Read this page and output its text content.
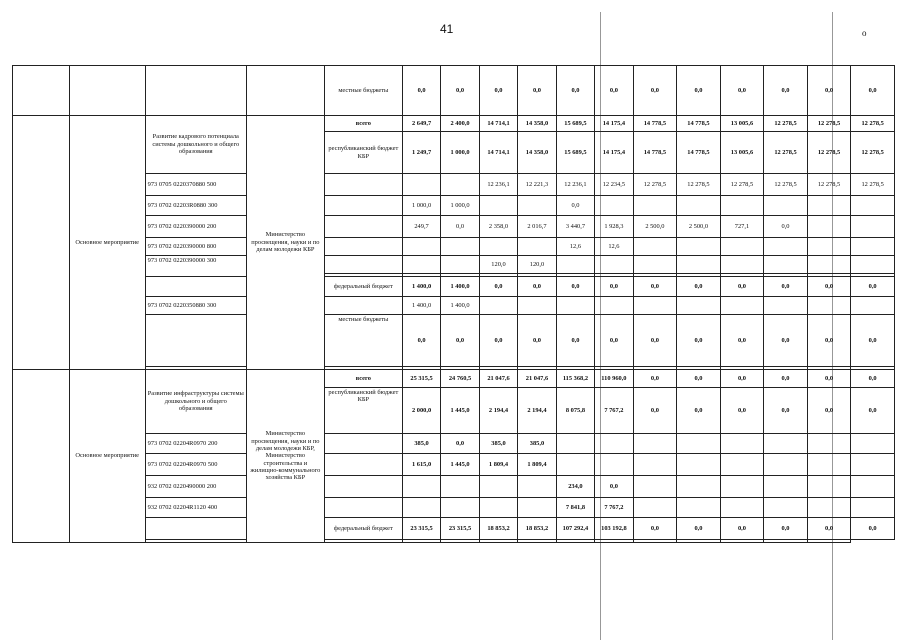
41	о
				местные бюджеты	0,0	0,0	0,0	0,0	0,0	0,0	0,0	0,0	0,0	0,0	0,0	0,0
	Основное мероприятие	Развитие кадрового потенциала системы дошкольного и общего образования	Министерство просвещения, науки и по делам молодежи КБР	всего	2 649,7	2 400,0	14 714,1	14 358,0	15 689,5	14 175,4	14 778,5	14 778,5	13 005,6	12 278,5	12 278,5	12 278,5
				республиканский бюджет КБР	1 249,7	1 000,0	14 714,1	14 358,0	15 689,5	14 175,4	14 778,5	14 778,5	13 005,6	12 278,5	12 278,5	12 278,5
		973 0705 0220370880 500					12 236,1	12 221,3	12 236,1	12 234,5	12 278,5	12 278,5	12 278,5	12 278,5	12 278,5	12 278,5
		973 0702 02203R0880 300			1 000,0	1 000,0			0,0							
		973 0702 0220390000 200			249,7	0,0	2 358,0	2 016,7	3 440,7	1 928,3	2 500,0	2 500,0	727,1	0,0		
		973 0702 0220390000 800							12,6	12,6						
		973 0702 0220390000 300					120,0	120,0								

				федеральный бюджет	1 400,0	1 400,0	0,0	0,0	0,0	0,0	0,0	0,0	0,0	0,0	0,0	0,0
		973 0702 0220350880 300			1 400,0	1 400,0										
				местные бюджеты	0,0	0,0	0,0	0,0	0,0	0,0	0,0	0,0	0,0	0,0	0,0	0,0

	Основное мероприятие	Развитие инфраструктуры системы дошкольного и общего образования	Министерство просвещения, науки и по делам молодежи КБР, Министерство строительства и жилищно-коммунального хозяйства КБР	всего	25 315,5	24 760,5	21 047,6	21 047,6	115 368,2	110 960,0	0,0	0,0	0,0	0,0	0,0	0,0
				республиканский бюджет КБР	2 000,0	1 445,0	2 194,4	2 194,4	8 075,8	7 767,2	0,0	0,0	0,0	0,0	0,0	0,0
		973 0702 02204R0970 200			385,0	0,0	385,0	385,0								
		973 0702 02204R0970 500			1 615,0	1 445,0	1 809,4	1 809,4								
		932 0702 0220490000 200							234,0	0,0						
		932 0702 02204R1120 400							7 841,8	7 767,2						
				федеральный бюджет	23 315,5	23 315,5	18 853,2	18 853,2	107 292,4	103 192,8	0,0	0,0	0,0	0,0	0,0	0,0
